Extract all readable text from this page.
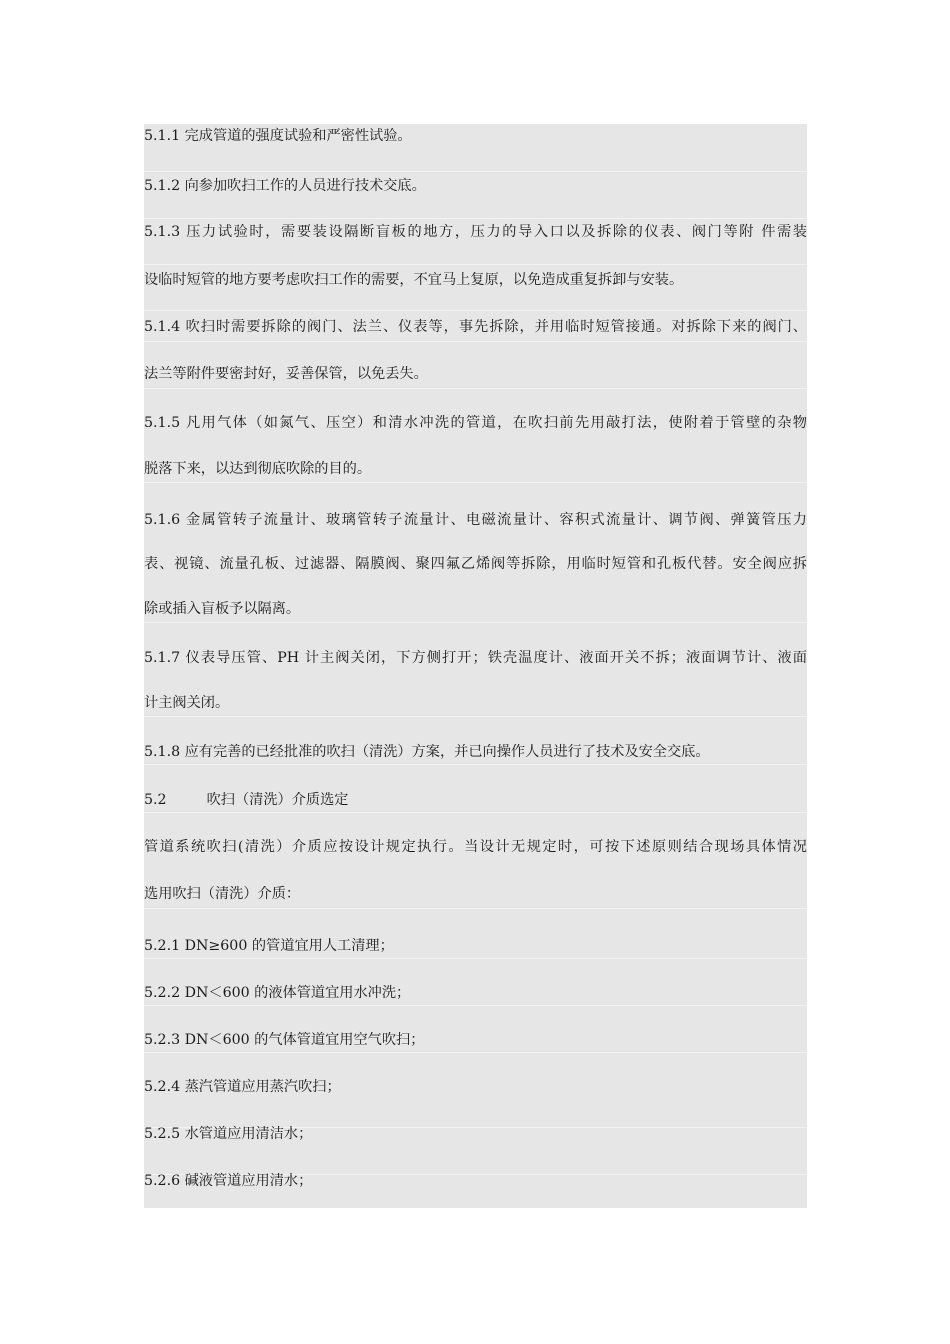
5.1.1 完成管道的强度试验和严密性试验。
5.1.2 向参加吹扫工作的人员进行技术交底。
5.1.3 压力试验时，需要装设隔断盲板的地方，压力的导入口以及拆除的仪表、阀门等附 件需装
设临时短管的地方要考虑吹扫工作的需要，不宜马上复原，以免造成重复拆卸与安装。
5.1.4 吹扫时需要拆除的阀门、法兰、仪表等，事先拆除，并用临时短管接通。对拆除下来的阀门、
法兰等附件要密封好，妥善保管，以免丢失。
5.1.5 凡用气体（如氮气、压空）和清水冲洗的管道，在吹扫前先用敲打法，使附着于管壁的杂物
脱落下来，以达到彻底吹除的目的。
5.1.6 金属管转子流量计、玻璃管转子流量计、电磁流量计、容积式流量计、调节阀、弹簧管压力
表、视镜、流量孔板、过滤器、隔膜阀、聚四氟乙烯阀等拆除，用临时短管和孔板代替。安全阀应拆
除或插入盲板予以隔离。
5.1.7 仪表导压管、PH 计主阀关闭，下方侧打开；铁壳温度计、液面开关不拆；液面调节计、液面
计主阀关闭。
5.1.8 应有完善的已经批准的吹扫（清洗）方案，并已向操作人员进行了技术及安全交底。
5.2	吹扫（清洗）介质选定
管道系统吹扫(清洗）介质应按设计规定执行。当设计无规定时，可按下述原则结合现场具体情况
选用吹扫（清洗）介质：
5.2.1 DN≥600 的管道宜用人工清理；
5.2.2 DN＜600 的液体管道宜用水冲洗；
5.2.3 DN＜600 的气体管道宜用空气吹扫；
5.2.4 蒸汽管道应用蒸汽吹扫；
5.2.5 水管道应用清洁水；
5.2.6 碱液管道应用清水；
